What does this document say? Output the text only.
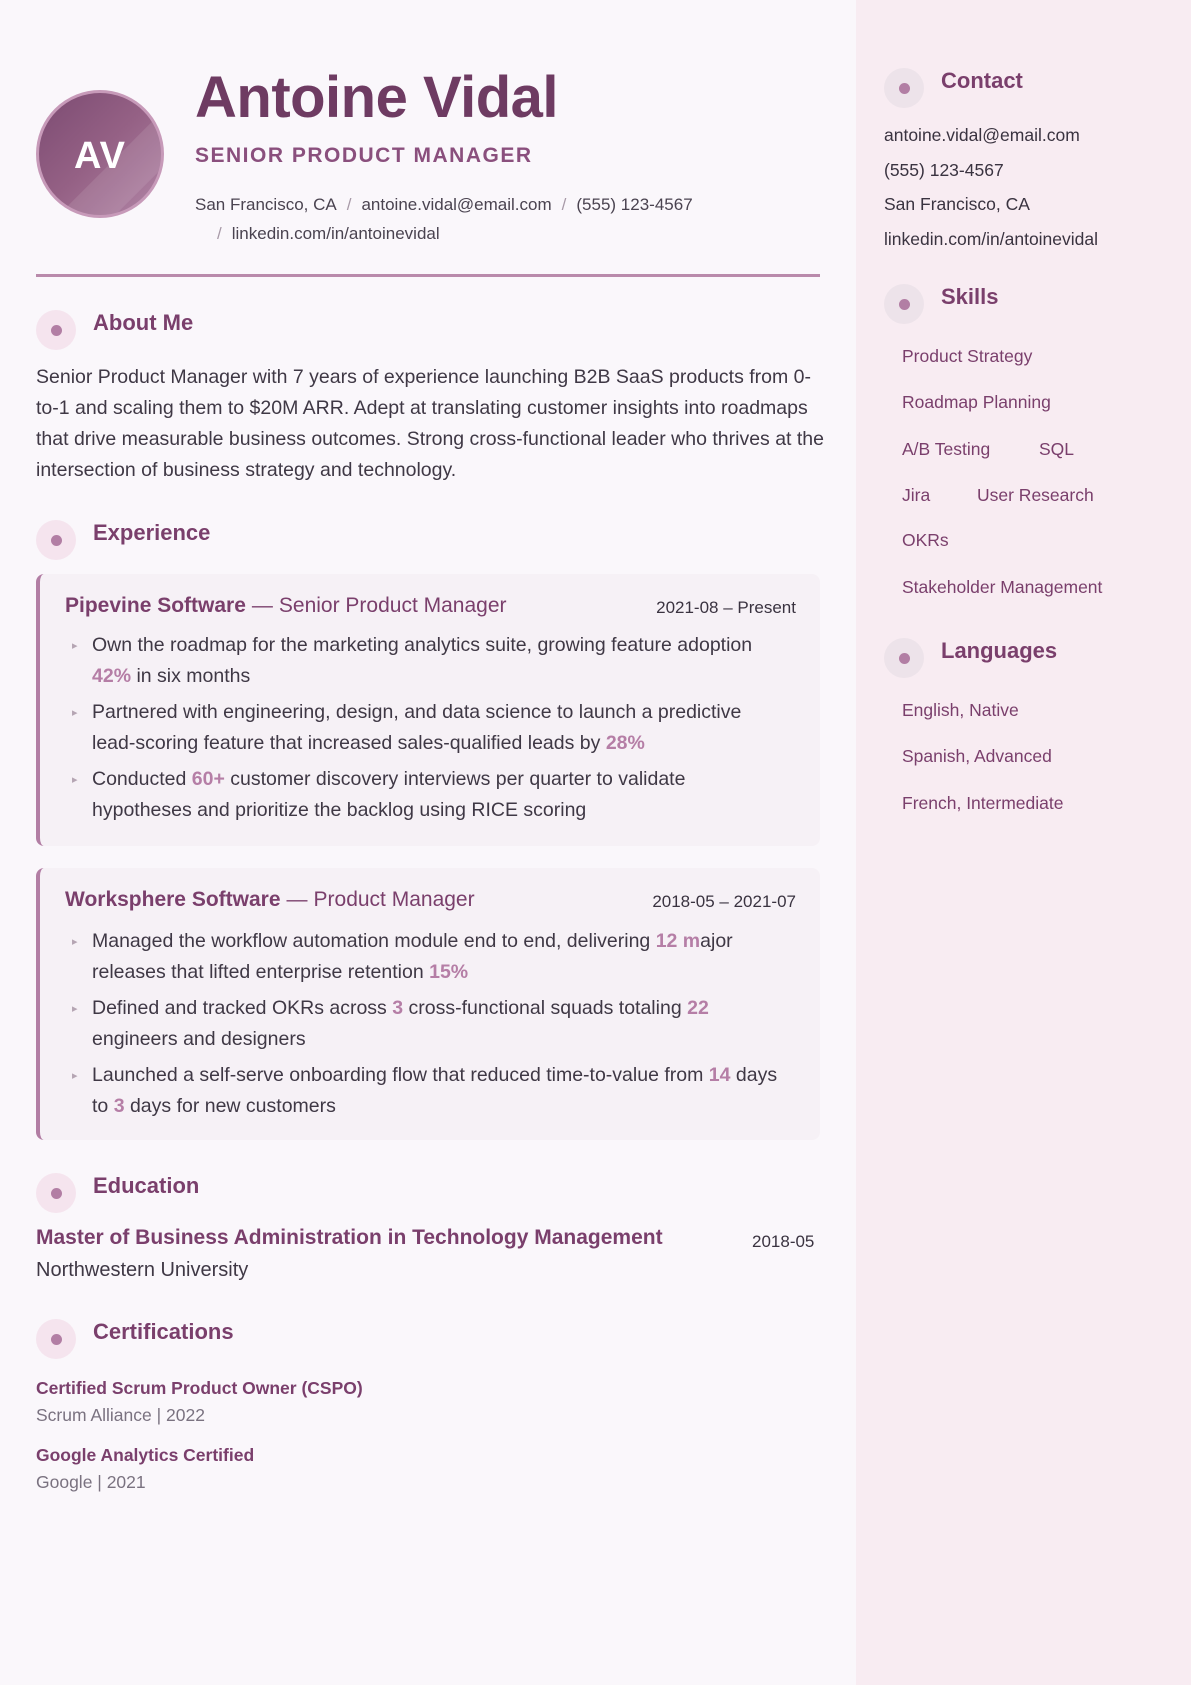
AV
Antoine Vidal
SENIOR PRODUCT MANAGER
San Francisco, CA / antoine.vidal@email.com / (555) 123-4567
/ linkedin.com/in/antoinevidal
About Me
Senior Product Manager with 7 years of experience launching B2B SaaS products from 0-to-1 and scaling them to $20M ARR. Adept at translating customer insights into roadmaps that drive measurable business outcomes. Strong cross-functional leader who thrives at the intersection of business strategy and technology.
Experience
Pipevine Software — Senior Product Manager	2021-08 – Present
▸ Own the roadmap for the marketing analytics suite, growing feature adoption 42% in six months
▸ Partnered with engineering, design, and data science to launch a predictive lead-scoring feature that increased sales-qualified leads by 28%
▸ Conducted 60+ customer discovery interviews per quarter to validate hypotheses and prioritize the backlog using RICE scoring
Worksphere Software — Product Manager	2018-05 – 2021-07
▸ Managed the workflow automation module end to end, delivering 12 major releases that lifted enterprise retention 15%
▸ Defined and tracked OKRs across 3 cross-functional squads totaling 22 engineers and designers
▸ Launched a self-serve onboarding flow that reduced time-to-value from 14 days to 3 days for new customers
Education
Master of Business Administration in Technology Management	2018-05
Northwestern University
Certifications
Certified Scrum Product Owner (CSPO)
Scrum Alliance | 2022
Google Analytics Certified
Google | 2021
Contact
antoine.vidal@email.com
(555) 123-4567
San Francisco, CA
linkedin.com/in/antoinevidal
Skills
Product Strategy
Roadmap Planning
A/B Testing	SQL
Jira	User Research
OKRs
Stakeholder Management
Languages
English, Native
Spanish, Advanced
French, Intermediate
